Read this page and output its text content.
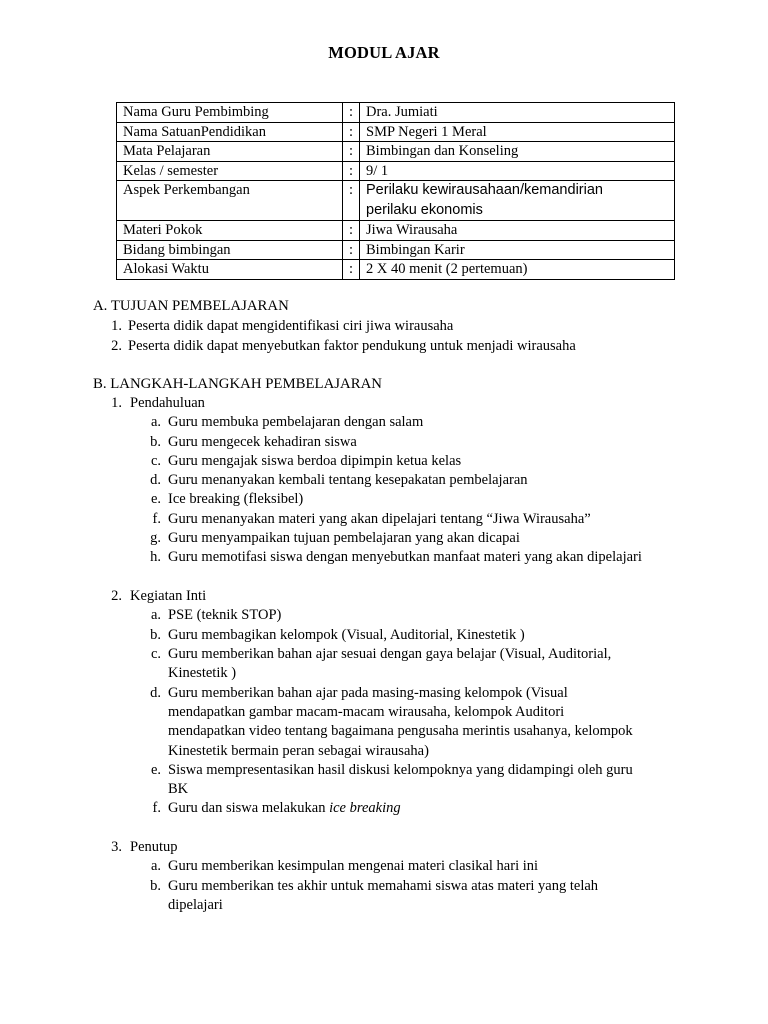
MODUL AJAR
Nama Guru Pembimbing	:	Dra. Jumiati
Nama SatuanPendidikan	:	SMP Negeri 1 Meral
Mata Pelajaran	:	Bimbingan dan Konseling
Kelas / semester	:	9/ 1
Aspek Perkembangan	:	Perilaku kewirausahaan/kemandirian
perilaku ekonomis

Materi Pokok	:	Jiwa Wirausaha
Bidang bimbingan	:	Bimbingan Karir
Alokasi Waktu	:	2 X 40 menit (2 pertemuan)
A. TUJUAN PEMBELAJARAN
1. Peserta didik dapat mengidentifikasi ciri jiwa wirausaha
2. Peserta didik dapat menyebutkan faktor pendukung untuk menjadi wirausaha
B. LANGKAH-LANGKAH PEMBELAJARAN
1. Pendahuluan
a. Guru membuka pembelajaran dengan salam
b. Guru mengecek kehadiran siswa
c. Guru mengajak siswa berdoa dipimpin ketua kelas
d. Guru menanyakan kembali tentang kesepakatan pembelajaran
e. Ice breaking (fleksibel)
f. Guru menanyakan materi yang akan dipelajari tentang “Jiwa Wirausaha”
g. Guru menyampaikan tujuan pembelajaran yang akan dicapai
h. Guru memotifasi siswa dengan menyebutkan manfaat materi yang akan dipelajari
2. Kegiatan Inti
a. PSE (teknik STOP)
b. Guru membagikan kelompok (Visual, Auditorial, Kinestetik )
c. Guru memberikan bahan ajar sesuai dengan gaya belajar (Visual, Auditorial,
Kinestetik )
d. Guru memberikan bahan ajar pada masing-masing kelompok (Visual
mendapatkan gambar macam-macam wirausaha, kelompok Auditori
mendapatkan video tentang bagaimana pengusaha merintis usahanya, kelompok
Kinestetik bermain peran sebagai wirausaha)
e. Siswa mempresentasikan hasil diskusi kelompoknya yang didampingi oleh guru
BK
f. Guru dan siswa melakukan ice breaking
3. Penutup
a. Guru memberikan kesimpulan mengenai materi clasikal hari ini
b. Guru memberikan tes akhir untuk memahami siswa atas materi yang telah
dipelajari
